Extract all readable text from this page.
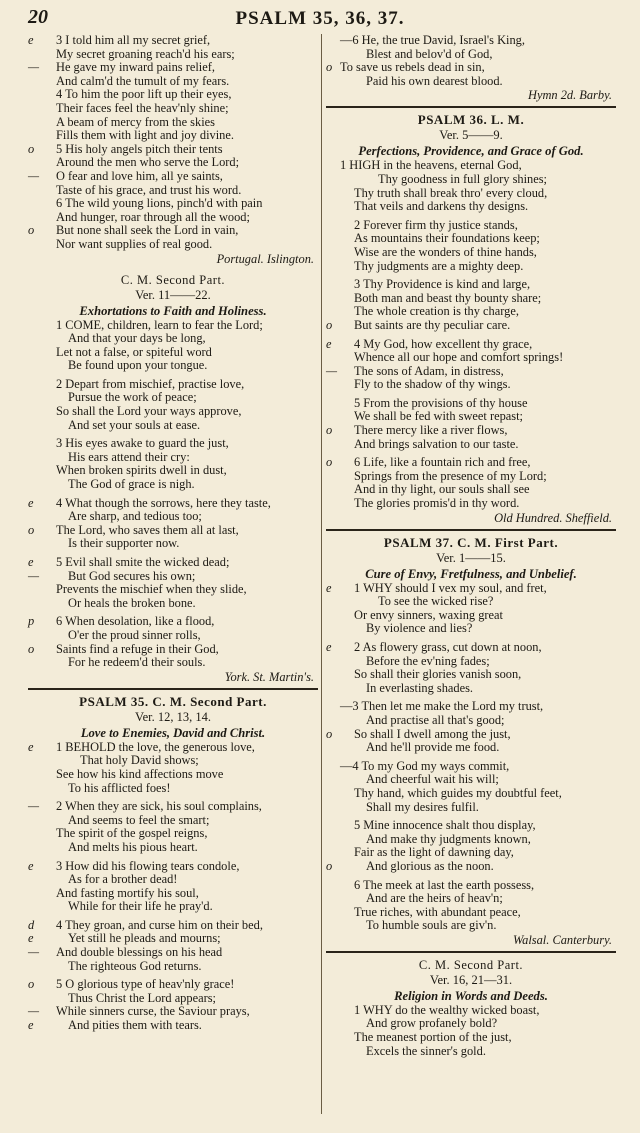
20	PSALM 35, 36, 37.
e 3 I told him all my secret grief,
My secret groaning reach'd his ears;
— He gave my inward pains relief,
And calm'd the tumult of my fears.
4 To him the poor lift up their eyes,
Their faces feel the heav'nly shine;
A beam of mercy from the skies
Fills them with light and joy divine.
o 5 His holy angels pitch their tents
Around the men who serve the Lord;
— O fear and love him, all ye saints,
Taste of his grace, and trust his word.
6 The wild young lions, pinch'd with pain
And hunger, roar through all the wood;
o But none shall seek the Lord in vain,
Nor want supplies of real good.
Portugal. Islington.
C. M. Second Part.
Ver. 11——22.
Exhortations to Faith and Holiness.
1 COME, children, learn to fear the Lord;
And that your days be long,
Let not a false, or spiteful word
Be found upon your tongue.
2 Depart from mischief, practise love,
Pursue the work of peace;
So shall the Lord your ways approve,
And set your souls at ease.
3 His eyes awake to guard the just,
His ears attend their cry:
When broken spirits dwell in dust,
The God of grace is nigh.
e 4 What though the sorrows, here they taste,
Are sharp, and tedious too;
o The Lord, who saves them all at last,
Is their supporter now.
e 5 Evil shall smite the wicked dead;
— But God secures his own;
Prevents the mischief when they slide,
Or heals the broken bone.
p 6 When desolation, like a flood,
O'er the proud sinner rolls,
o Saints find a refuge in their God,
For he redeem'd their souls.
York. St. Martin's.
PSALM 35. C. M. Second Part.
Ver. 12, 13, 14.
Love to Enemies, David and Christ.
e 1 BEHOLD the love, the generous love,
That holy David shows;
See how his kind affections move
To his afflicted foes!
— 2 When they are sick, his soul complains,
And seems to feel the smart;
The spirit of the gospel reigns,
And melts his pious heart.
e 3 How did his flowing tears condole,
As for a brother dead!
And fasting mortify his soul,
While for their life he pray'd.
d 4 They groan, and curse him on their bed,
e	Yet still he pleads and mourns;
— And double blessings on his head
The righteous God returns.
o 5 O glorious type of heav'nly grace!
Thus Christ the Lord appears;
— While sinners curse, the Saviour prays,
e	And pities them with tears.
—6 He, the true David, Israel's King,
Blest and belov'd of God,
o To save us rebels dead in sin,
Paid his own dearest blood.
Hymn 2d. Barby.
PSALM 36. L. M.
Ver. 5——9.
Perfections, Providence, and Grace of God.
1 HIGH in the heavens, eternal God,
Thy goodness in full glory shines;
Thy truth shall break thro' every cloud,
That veils and darkens thy designs.
2 Forever firm thy justice stands,
As mountains their foundations keep;
Wise are the wonders of thine hands,
Thy judgments are a mighty deep.
3 Thy Providence is kind and large,
Both man and beast thy bounty share;
The whole creation is thy charge,
o But saints are thy peculiar care.
e 4 My God, how excellent thy grace,
Whence all our hope and comfort springs!
— The sons of Adam, in distress,
Fly to the shadow of thy wings.
5 From the provisions of thy house
We shall be fed with sweet repast;
o There mercy like a river flows,
And brings salvation to our taste.
o 6 Life, like a fountain rich and free,
Springs from the presence of my Lord;
And in thy light, our souls shall see
The glories promis'd in thy word.
Old Hundred. Sheffield.
PSALM 37. C. M. First Part.
Ver. 1——15.
Cure of Envy, Fretfulness, and Unbelief.
e 1 WHY should I vex my soul, and fret,
To see the wicked rise?
Or envy sinners, waxing great
By violence and lies?
e 2 As flowery grass, cut down at noon,
Before the ev'ning fades;
So shall their glories vanish soon,
In everlasting shades.
—3 Then let me make the Lord my trust,
And practise all that's good;
o So shall I dwell among the just,
And he'll provide me food.
—4 To my God my ways commit,
And cheerful wait his will;
Thy hand, which guides my doubtful feet,
Shall my desires fulfil.
5 Mine innocence shalt thou display,
And make thy judgments known,
Fair as the light of dawning day,
o	And glorious as the noon.
6 The meek at last the earth possess,
And are the heirs of heav'n;
True riches, with abundant peace,
To humble souls are giv'n.
Walsal. Canterbury.
C. M. Second Part.
Ver. 16, 21—31.
Religion in Words and Deeds.
1 WHY do the wealthy wicked boast,
And grow profanely bold?
The meanest portion of the just,
Excels the sinner's gold.
